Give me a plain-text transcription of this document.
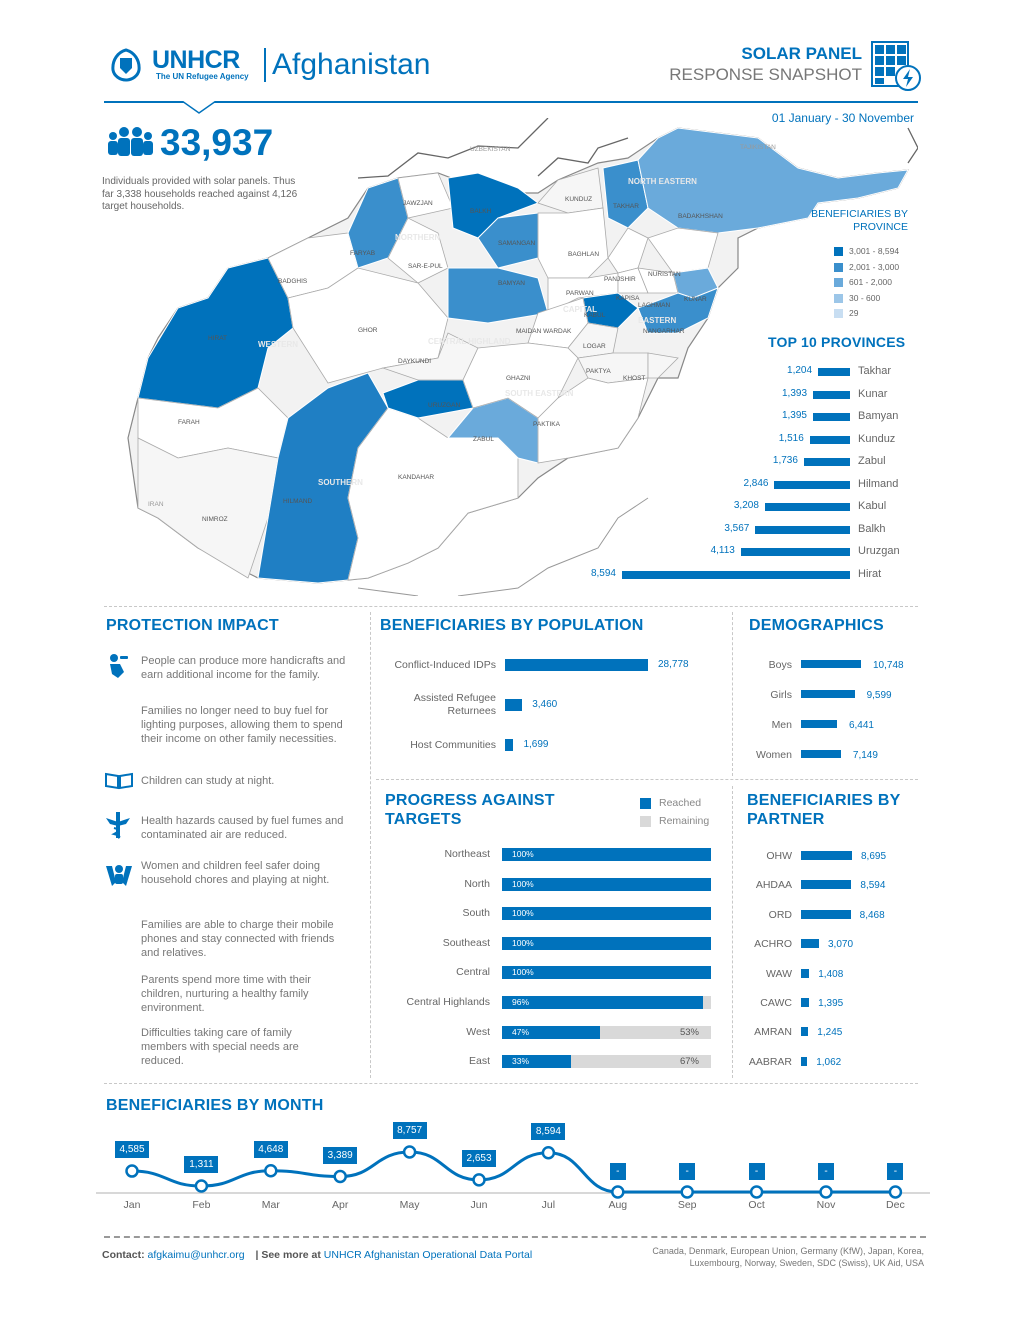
UNHCR
The UN Refugee Agency Afghanistan	SOLAR PANEL
RESPONSE SNAPSHOT
33,937
Individuals provided with solar panels. Thus far 3,338 households reached against 4,126 target households.
01 January - 30 November
JAWZJAN
BALKH
KUNDUZ
TAKHAR
BADAKHSHAN
FARYAB
SAMANGAN
SAR-E-PUL
BAGHLAN
BADGHIS	BAMYAN
PANJSHIR
NURISTAN
PARWAN
KAPISA	KUNAR
LAGHMAN
KABUL
GHOR
HIRAT
NANGARHAR
LOGAR
MAIDAN WARDAK
DAYKUNDI
GHAZNI
PAKTYA
KHOST
URUZGAN
PAKTIKA
ZABUL
FARAH
KANDAHAR
NIMROZ
HILMAND
NORTH EASTERN
NORTHERN
WESTERN	CENTRAL HIGHLAND
CAPITAL
EASTERN
SOUTH EASTERN
SOUTHERN
UZBEKISTAN	TAJIKISTAN
IRAN
BENEFICIARIES BY PROVINCE
3,001 - 8,594
2,001 - 3,000
601 - 2,000
30 - 600
29
TOP 10 PROVINCES
1,204	Takhar
1,393	Kunar
1,395	Bamyan
1,516	Kunduz
1,736	Zabul
2,846	Hilmand
3,208	Kabul
3,567	Balkh
4,113	Uruzgan
8,594	Hirat
PROTECTION IMPACT
People can produce more handicrafts and earn additional income for the family.
Families no longer need to buy fuel for lighting purposes, allowing them to spend their income on other family necessities.
Children can study at night.
Health hazards caused by fuel fumes and contaminated air are reduced.
Women and children feel safer doing household chores and playing at night.
Families are able to charge their mobile phones and stay connected with friends and relatives.
Parents spend more time with their children, nurturing a healthy family environment.
Difficulties taking care of family members with special needs are reduced.
BENEFICIARIES BY POPULATION
Conflict-Induced IDPs	28,778
Assisted Refugee Returnees
3,460
Host Communities	1,699
DEMOGRAPHICS
Boys	10,748
Girls	9,599
Men	6,441
Women	7,149
PROGRESS AGAINST TARGETS
Reached
Remaining
Northeast	100%
North	100%
South	100%
Southeast	100%
Central	100%
Central Highlands	96%
West	47%	53%
East	33%	67%
BENEFICIARIES BY PARTNER
OHW	8,695
AHDAA	8,594
ORD	8,468
ACHRO	3,070
WAW	1,408
CAWC	1,395
AMRAN	1,245
AABRAR 1,062
BENEFICIARIES BY MONTH
Jan
4,585
Feb
1,311
Mar
4,648
Apr
3,389
May
8,757
Jun
2,653
Jul
8,594
Aug
-
Sep
-
Oct
-
Nov
-
Dec
-
Contact: afgkaimu@unhcr.org | See more at UNHCR Afghanistan Operational Data Portal	Canada, Denmark, European Union, Germany (KfW), Japan, Korea, Luxembourg, Norway, Sweden, SDC (Swiss), UK Aid, USA
